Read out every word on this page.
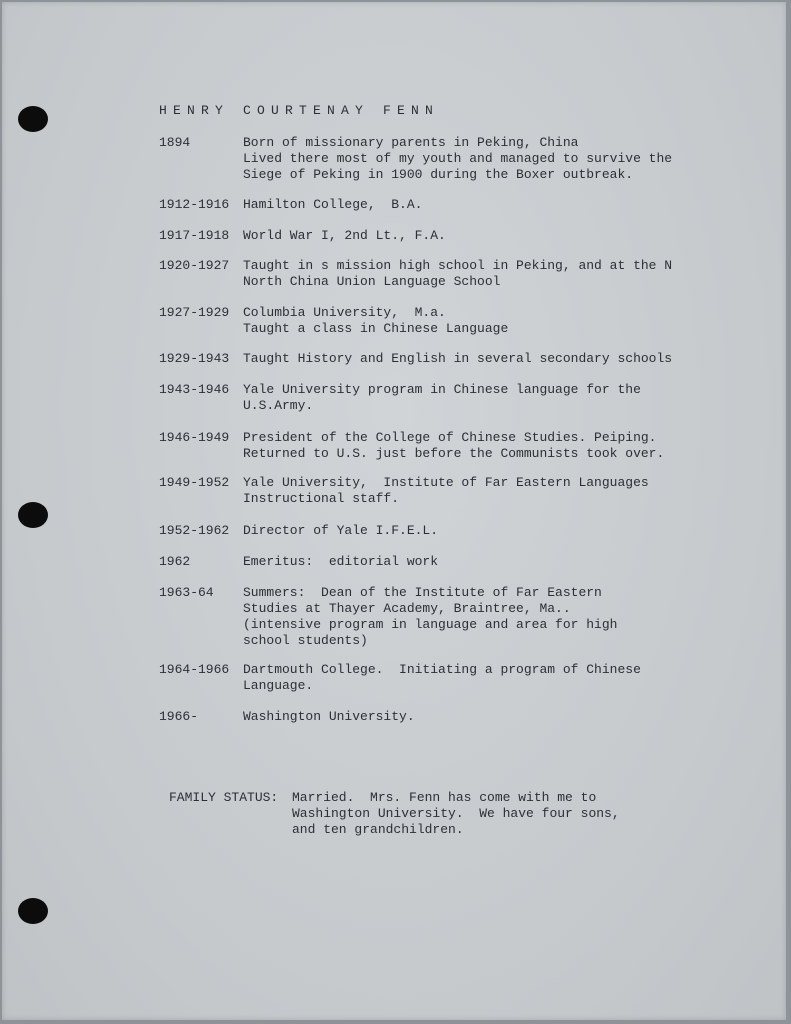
HENRY COURTENAY FENN
1894	Born of missionary parents in Peking, China
Lived there most of my youth and managed to survive the
Siege of Peking in 1900 during the Boxer outbreak.
1912-1916	Hamilton College,  B.A.
1917-1918	World War I, 2nd Lt., F.A.
1920-1927	Taught in s mission high school in Peking, and at the N
North China Union Language School
1927-1929	Columbia University,  M.a.
Taught a class in Chinese Language
1929-1943	Taught History and English in several secondary schools
1943-1946	Yale University program in Chinese language for the
U.S.Army.
1946-1949	President of the College of Chinese Studies. Peiping.
Returned to U.S. just before the Communists took over.
1949-1952	Yale University,  Institute of Far Eastern Languages
Instructional staff.
1952-1962	Director of Yale I.F.E.L.
1962	Emeritus:  editorial work
1963-64	Summers:  Dean of the Institute of Far Eastern
Studies at Thayer Academy, Braintree, Ma..
(intensive program in language and area for high
school students)
1964-1966	Dartmouth College.  Initiating a program of Chinese
Language.
1966-	Washington University.
FAMILY STATUS: Married.  Mrs. Fenn has come with me to
Washington University.  We have four sons,
and ten grandchildren.
